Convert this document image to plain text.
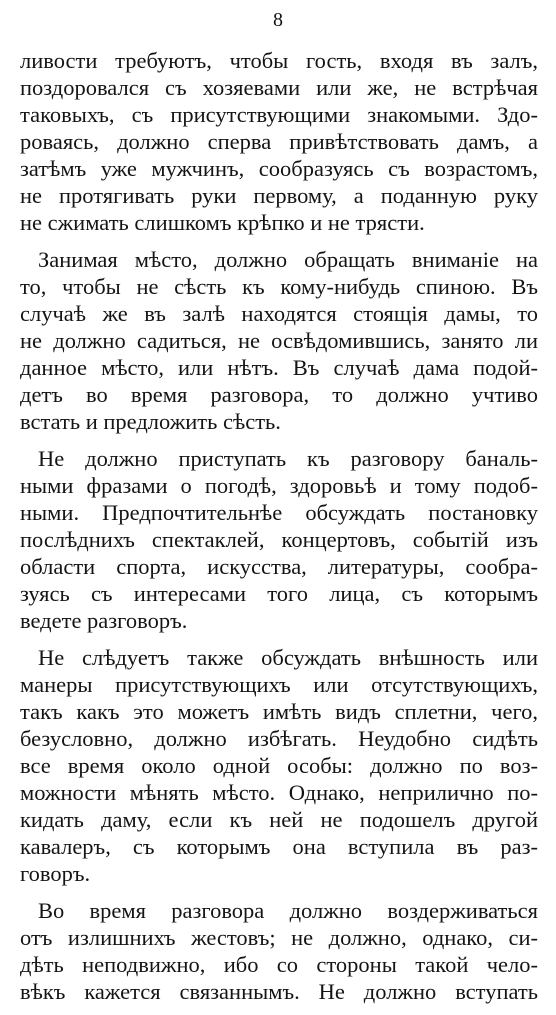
8
ливости требуютъ, чтобы гость, входя въ залъ,
поздоровался съ хозяевами или же, не встрѣчая
таковыхъ, съ присутствующими знакомыми. Здо-
роваясь, должно сперва привѣтствовать дамъ, а
затѣмъ уже мужчинъ, сообразуясь съ возрастомъ,
не протягивать руки первому, а поданную руку
не сжимать слишкомъ крѣпко и не трясти.
Занимая мѣсто, должно обращать вниманіе на
то, чтобы не сѣсть къ кому-нибудь спиною. Въ
случаѣ же въ залѣ находятся стоящія дамы, то
не должно садиться, не освѣдомившись, занято ли
данное мѣсто, или нѣтъ. Въ случаѣ дама подой-
детъ во время разговора, то должно учтиво
встать и предложить сѣсть.
Не должно приступать къ разговору баналь-
ными фразами о погодѣ, здоровьѣ и тому подоб-
ными. Предпочтительнѣе обсуждать постановку
послѣднихъ спектаклей, концертовъ, событій изъ
области спорта, искусства, литературы, сообра-
зуясь съ интересами того лица, съ которымъ
ведете разговоръ.
Не слѣдуетъ также обсуждать внѣшность или
манеры присутствующихъ или отсутствующихъ,
такъ какъ это можетъ имѣть видъ сплетни, чего,
безусловно, должно избѣгать. Неудобно сидѣть
все время около одной особы: должно по воз-
можности мѣнять мѣсто. Однако, неприлично по-
кидать даму, если къ ней не подошелъ другой
кавалеръ, съ которымъ она вступила въ раз-
говоръ.
Во время разговора должно воздерживаться
отъ излишнихъ жестовъ; не должно, однако, си-
дѣть неподвижно, ибо со стороны такой чело-
вѣкъ кажется связаннымъ. Не должно вступать
